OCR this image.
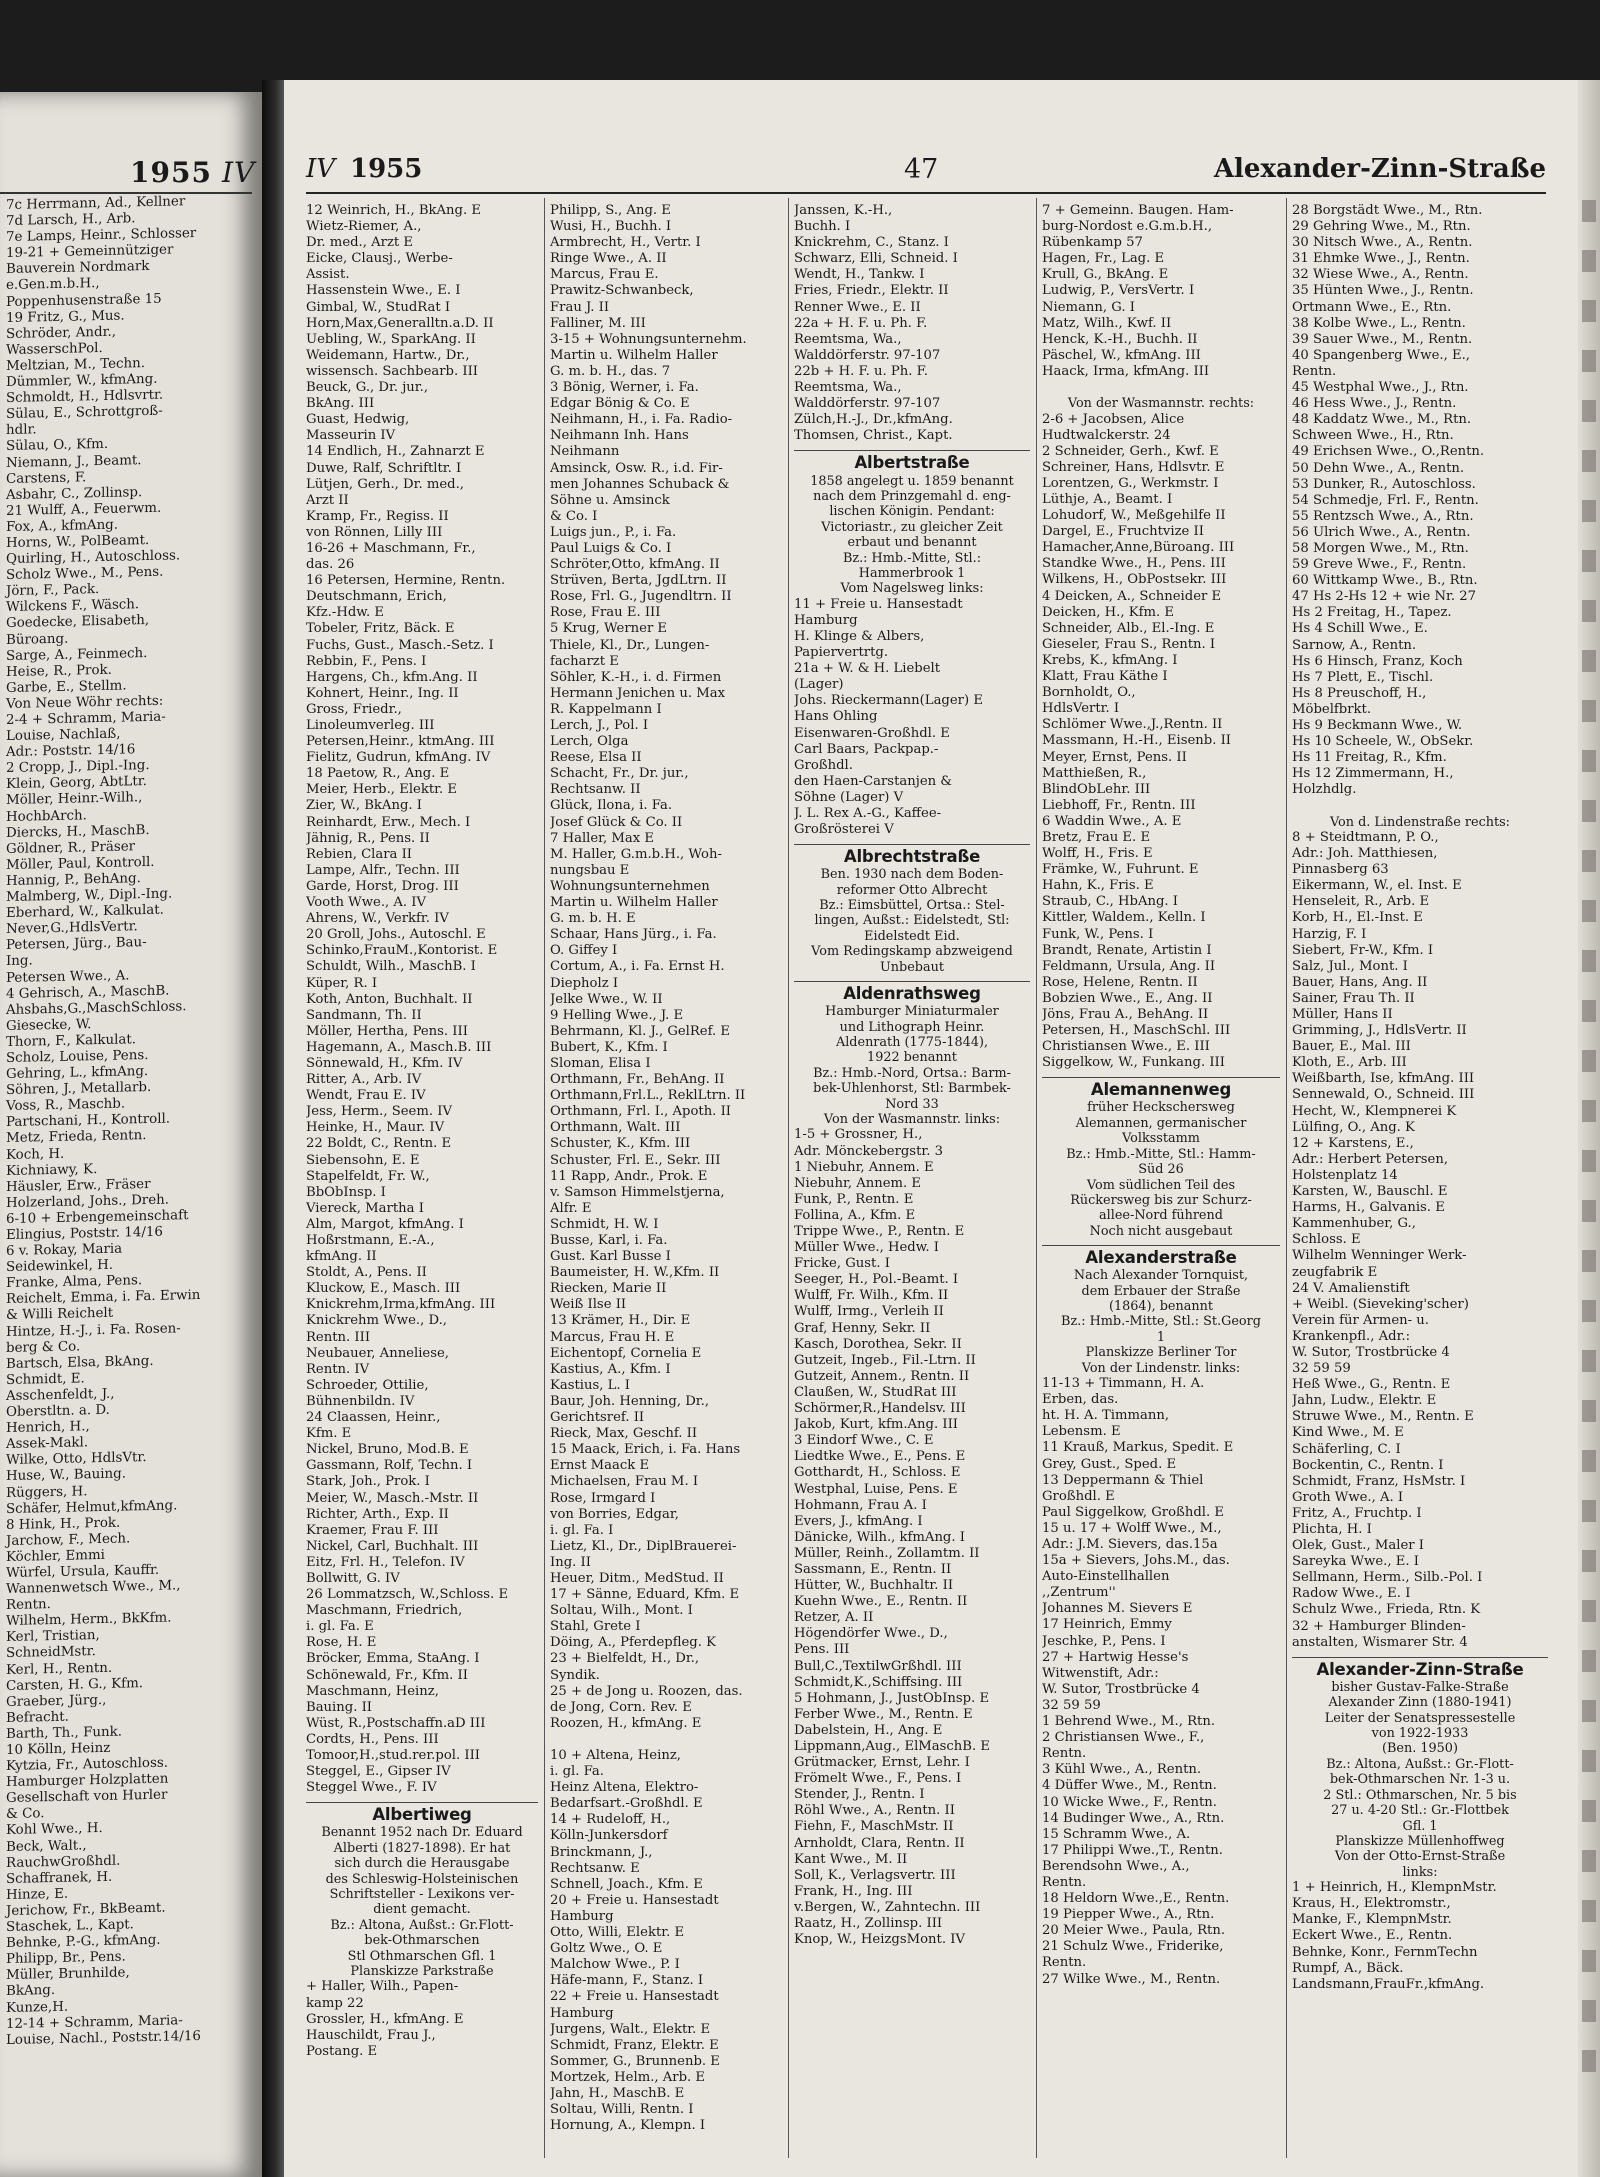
1955 IV
7c Herrmann, Ad., Kellner
7d Larsch, H., Arb.
7e Lamps, Heinr., Schlosser
19-21 + Gemeinnütziger
Bauverein Nordmark
e.Gen.m.b.H.,
Poppenhusenstraße 15
19 Fritz, G., Mus.
Schröder, Andr.,
WasserschPol.
Meltzian, M., Techn.
Dümmler, W., kfmAng.
Schmoldt, H., Hdlsvrtr.
Sülau, E., Schrottgroß-
hdlr.
Sülau, O., Kfm.
Niemann, J., Beamt.
Carstens, F.
Asbahr, C., Zollinsp.
21 Wulff, A., Feuerwm.
Fox, A., kfmAng.
Horns, W., PolBeamt.
Quirling, H., Autoschloss.
Scholz Wwe., M., Pens.
Jörn, F., Pack.
Wilckens F., Wäsch.
Goedecke, Elisabeth,
Büroang.
Sarge, A., Feinmech.
Heise, R., Prok.
Garbe, E., Stellm.
Von Neue Wöhr rechts:
2-4 + Schramm, Maria-
Louise, Nachlaß,
Adr.: Poststr. 14/16
2 Cropp, J., Dipl.-Ing.
Klein, Georg, AbtLtr.
Möller, Heinr.-Wilh.,
HochbArch.
Diercks, H., MaschB.
Göldner, R., Präser
Möller, Paul, Kontroll.
Hannig, P., BehAng.
Malmberg, W., Dipl.-Ing.
Eberhard, W., Kalkulat.
Never,G.,HdlsVertr.
Petersen, Jürg., Bau-
Ing.
Petersen Wwe., A.
4 Gehrisch, A., MaschB.
Ahsbahs,G.,MaschSchloss.
Giesecke, W.
Thorn, F., Kalkulat.
Scholz, Louise, Pens.
Gehring, L., kfmAng.
Söhren, J., Metallarb.
Voss, R., Maschb.
Partschani, H., Kontroll.
Metz, Frieda, Rentn.
Koch, H.
Kichniawy, K.
Häusler, Erw., Fräser
Holzerland, Johs., Dreh.
6-10 + Erbengemeinschaft
Elingius, Poststr. 14/16
6 v. Rokay, Maria
Seidewinkel, H.
Franke, Alma, Pens.
Reichelt, Emma, i. Fa. Erwin
& Willi Reichelt
Hintze, H.-J., i. Fa. Rosen-
berg & Co.
Bartsch, Elsa, BkAng.
Schmidt, E.
Asschenfeldt, J.,
Oberstltn. a. D.
Henrich, H.,
Assek-Makl.
Wilke, Otto, HdlsVtr.
Huse, W., Bauing.
Rüggers, H.
Schäfer, Helmut,kfmAng.
8 Hink, H., Prok.
Jarchow, F., Mech.
Köchler, Emmi
Würfel, Ursula, Kauffr.
Wannenwetsch Wwe., M.,
Rentn.
Wilhelm, Herm., BkKfm.
Kerl, Tristian,
SchneidMstr.
Kerl, H., Rentn.
Carsten, H. G., Kfm.
Graeber, Jürg.,
Befracht.
Barth, Th., Funk.
10 Kölln, Heinz
Kytzia, Fr., Autoschloss.
Hamburger Holzplatten
Gesellschaft von Hurler
& Co.
Kohl Wwe., H.
Beck, Walt.,
RauchwGroßhdl.
Schaffranek, H.
Hinze, E.
Jerichow, Fr., BkBeamt.
Staschek, L., Kapt.
Behnke, P.-G., kfmAng.
Philipp, Br., Pens.
Müller, Brunhilde,
BkAng.
Kunze,H.
12-14 + Schramm, Maria-
Louise, Nachl., Poststr.14/16
IV 1955	47	Alexander-Zinn-Straße
12 Weinrich, H., BkAng. E
Wietz-Riemer, A.,
Dr. med., Arzt E
Eicke, Clausj., Werbe-
Assist.
Hassenstein Wwe., E. I
Gimbal, W., StudRat I
Horn,Max,Generalltn.a.D. II
Uebling, W., SparkAng. II
Weidemann, Hartw., Dr.,
wissensch. Sachbearb. III
Beuck, G., Dr. jur.,
BkAng. III
Guast, Hedwig,
Masseurin IV
14 Endlich, H., Zahnarzt E
Duwe, Ralf, Schriftltr. I
Lütjen, Gerh., Dr. med.,
Arzt II
Kramp, Fr., Regiss. II
von Rönnen, Lilly III
16-26 + Maschmann, Fr.,
das. 26
16 Petersen, Hermine, Rentn.
Deutschmann, Erich,
Kfz.-Hdw. E
Tobeler, Fritz, Bäck. E
Fuchs, Gust., Masch.-Setz. I
Rebbin, F., Pens. I
Hargens, Ch., kfm.Ang. II
Kohnert, Heinr., Ing. II
Gross, Friedr.,
Linoleumverleg. III
Petersen,Heinr., ktmAng. III
Fielitz, Gudrun, kfmAng. IV
18 Paetow, R., Ang. E
Meier, Herb., Elektr. E
Zier, W., BkAng. I
Reinhardt, Erw., Mech. I
Jähnig, R., Pens. II
Rebien, Clara II
Lampe, Alfr., Techn. III
Garde, Horst, Drog. III
Vooth Wwe., A. IV
Ahrens, W., Verkfr. IV
20 Groll, Johs., Autoschl. E
Schinko,FrauM.,Kontorist. E
Schuldt, Wilh., MaschB. I
Küper, R. I
Koth, Anton, Buchhalt. II
Sandmann, Th. II
Möller, Hertha, Pens. III
Hagemann, A., Masch.B. III
Sönnewald, H., Kfm. IV
Ritter, A., Arb. IV
Wendt, Frau E. IV
Jess, Herm., Seem. IV
Heinke, H., Maur. IV
22 Boldt, C., Rentn. E
Siebensohn, E. E
Stapelfeldt, Fr. W.,
BbObInsp. I
Viereck, Martha I
Alm, Margot, kfmAng. I
Hoßrstmann, E.-A.,
kfmAng. II
Stoldt, A., Pens. II
Kluckow, E., Masch. III
Knickrehm,Irma,kfmAng. III
Knickrehm Wwe., D.,
Rentn. III
Neubauer, Anneliese,
Rentn. IV
Schroeder, Ottilie,
Bühnenbildn. IV
24 Claassen, Heinr.,
Kfm. E
Nickel, Bruno, Mod.B. E
Gassmann, Rolf, Techn. I
Stark, Joh., Prok. I
Meier, W., Masch.-Mstr. II
Richter, Arth., Exp. II
Kraemer, Frau F. III
Nickel, Carl, Buchhalt. III
Eitz, Frl. H., Telefon. IV
Bollwitt, G. IV
26 Lommatzsch, W.,Schloss. E
Maschmann, Friedrich,
i. gl. Fa. E
Rose, H. E
Bröcker, Emma, StaAng. I
Schönewald, Fr., Kfm. II
Maschmann, Heinz,
Bauing. II
Wüst, R.,Postschaffn.aD III
Cordts, H., Pens. III
Tomoor,H.,stud.rer.pol. III
Steggel, E., Gipser IV
Steggel Wwe., F. IV
Albertiweg
Benannt 1952 nach Dr. Eduard
Alberti (1827-1898). Er hat
sich durch die Herausgabe
des Schleswig-Holsteinischen
Schriftsteller - Lexikons ver-
dient gemacht.
Bz.: Altona, Außst.: Gr.Flott-
bek-Othmarschen
Stl Othmarschen Gfl. 1
Planskizze Parkstraße
+ Haller, Wilh., Papen-
kamp 22
Grossler, H., kfmAng. E
Hauschildt, Frau J.,
Postang. E
Philipp, S., Ang. E
Wusi, H., Buchh. I
Armbrecht, H., Vertr. I
Ringe Wwe., A. II
Marcus, Frau E.
Prawitz-Schwanbeck,
Frau J. II
Falliner, M. III
3-15 + Wohnungsunternehm.
Martin u. Wilhelm Haller
G. m. b. H., das. 7
3 Bönig, Werner, i. Fa.
Edgar Bönig & Co. E
Neihmann, H., i. Fa. Radio-
Neihmann Inh. Hans
Neihmann
Amsinck, Osw. R., i.d. Fir-
men Johannes Schuback &
Söhne u. Amsinck
& Co. I
Luigs jun., P., i. Fa.
Paul Luigs & Co. I
Schröter,Otto, kfmAng. II
Strüven, Berta, JgdLtrn. II
Rose, Frl. G., Jugendltrn. II
Rose, Frau E. III
5 Krug, Werner E
Thiele, Kl., Dr., Lungen-
facharzt E
Söhler, K.-H., i. d. Firmen
Hermann Jenichen u. Max
R. Kappelmann I
Lerch, J., Pol. I
Lerch, Olga
Reese, Elsa II
Schacht, Fr., Dr. jur.,
Rechtsanw. II
Glück, Ilona, i. Fa.
Josef Glück & Co. II
7 Haller, Max E
M. Haller, G.m.b.H., Woh-
nungsbau E
Wohnungsunternehmen
Martin u. Wilhelm Haller
G. m. b. H. E
Schaar, Hans Jürg., i. Fa.
O. Giffey I
Cortum, A., i. Fa. Ernst H.
Diepholz I
Jelke Wwe., W. II
9 Helling Wwe., J. E
Behrmann, Kl. J., GelRef. E
Bubert, K., Kfm. I
Sloman, Elisa I
Orthmann, Fr., BehAng. II
Orthmann,Frl.L., ReklLtrn. II
Orthmann, Frl. I., Apoth. II
Orthmann, Walt. III
Schuster, K., Kfm. III
Schuster, Frl. E., Sekr. III
11 Rapp, Andr., Prok. E
v. Samson Himmelstjerna,
Alfr. E
Schmidt, H. W. I
Busse, Karl, i. Fa.
Gust. Karl Busse I
Baumeister, H. W.,Kfm. II
Riecken, Marie II
Weiß Ilse II
13 Krämer, H., Dir. E
Marcus, Frau H. E
Eichentopf, Cornelia E
Kastius, A., Kfm. I
Kastius, L. I
Baur, Joh. Henning, Dr.,
Gerichtsref. II
Rieck, Max, Geschf. II
15 Maack, Erich, i. Fa. Hans
Ernst Maack E
Michaelsen, Frau M. I
Rose, Irmgard I
von Borries, Edgar,
i. gl. Fa. I
Lietz, Kl., Dr., DiplBrauerei-
Ing. II
Heuer, Ditm., MedStud. II
17 + Sänne, Eduard, Kfm. E
Soltau, Wilh., Mont. I
Stahl, Grete I
Döing, A., Pferdepfleg. K
23 + Bielfeldt, H., Dr.,
Syndik.
25 + de Jong u. Roozen, das.
de Jong, Corn. Rev. E
Roozen, H., kfmAng. E

10 + Altena, Heinz,
i. gl. Fa.
Heinz Altena, Elektro-
Bedarfsart.-Großhdl. E
14 + Rudeloff, H.,
Kölln-Junkersdorf
Brinckmann, J.,
Rechtsanw. E
Schnell, Joach., Kfm. E
20 + Freie u. Hansestadt
Hamburg
Otto, Willi, Elektr. E
Goltz Wwe., O. E
Malchow Wwe., P. I
Häfe-mann, F., Stanz. I
22 + Freie u. Hansestadt
Hamburg
Jurgens, Walt., Elektr. E
Schmidt, Franz, Elektr. E
Sommer, G., Brunnenb. E
Mortzek, Helm., Arb. E
Jahn, H., MaschB. E
Soltau, Willi, Rentn. I
Hornung, A., Klempn. I
Janssen, K.-H.,
Buchh. I
Knickrehm, C., Stanz. I
Schwarz, Elli, Schneid. I
Wendt, H., Tankw. I
Fries, Friedr., Elektr. II
Renner Wwe., E. II
22a + H. F. u. Ph. F.
Reemtsma, Wa.,
Walddörferstr. 97-107
22b + H. F. u. Ph. F.
Reemtsma, Wa.,
Walddörferstr. 97-107
Zülch,H.-J., Dr.,kfmAng.
Thomsen, Christ., Kapt.
Albertstraße
1858 angelegt u. 1859 benannt
nach dem Prinzgemahl d. eng-
lischen Königin. Pendant:
Victoriastr., zu gleicher Zeit
erbaut und benannt
Bz.: Hmb.-Mitte, Stl.:
Hammerbrook 1
Vom Nagelsweg links:
11 + Freie u. Hansestadt
Hamburg
H. Klinge & Albers,
Papiervertrtg.
21a + W. & H. Liebelt
(Lager)
Johs. Rieckermann(Lager) E
Hans Ohling
Eisenwaren-Großhdl. E
Carl Baars, Packpap.-
Großhdl.
den Haen-Carstanjen &
Söhne (Lager) V
J. L. Rex A.-G., Kaffee-
Großrösterei V
Albrechtstraße
Ben. 1930 nach dem Boden-
reformer Otto Albrecht
Bz.: Eimsbüttel, Ortsa.: Stel-
lingen, Außst.: Eidelstedt, Stl:
Eidelstedt Eid.
Vom Redingskamp abzweigend
Unbebaut
Aldenrathsweg
Hamburger Miniaturmaler
und Lithograph Heinr.
Aldenrath (1775-1844),
1922 benannt
Bz.: Hmb.-Nord, Ortsa.: Barm-
bek-Uhlenhorst, Stl: Barmbek-
Nord 33
Von der Wasmannstr. links:
1-5 + Grossner, H.,
Adr. Mönckebergstr. 3
1 Niebuhr, Annem. E
Niebuhr, Annem. E
Funk, P., Rentn. E
Follina, A., Kfm. E
Trippe Wwe., P., Rentn. E
Müller Wwe., Hedw. I
Fricke, Gust. I
Seeger, H., Pol.-Beamt. I
Wulff, Fr. Wilh., Kfm. II
Wulff, Irmg., Verleih II
Graf, Henny, Sekr. II
Kasch, Dorothea, Sekr. II
Gutzeit, Ingeb., Fil.-Ltrn. II
Gutzeit, Annem., Rentn. II
Claußen, W., StudRat III
Schörmer,R.,Handelsv. III
Jakob, Kurt, kfm.Ang. III
3 Eindorf Wwe., C. E
Liedtke Wwe., E., Pens. E
Gotthardt, H., Schloss. E
Westphal, Luise, Pens. E
Hohmann, Frau A. I
Evers, J., kfmAng. I
Dänicke, Wilh., kfmAng. I
Müller, Reinh., Zollamtm. II
Sassmann, E., Rentn. II
Hütter, W., Buchhaltr. II
Kuehn Wwe., E., Rentn. II
Retzer, A. II
Högendörfer Wwe., D.,
Pens. III
Bull,C.,TextilwGrßhdl. III
Schmidt,K.,Schiffsing. III
5 Hohmann, J., JustObInsp. E
Ferber Wwe., M., Rentn. E
Dabelstein, H., Ang. E
Lippmann,Aug., ElMaschB. E
Grütmacker, Ernst, Lehr. I
Frömelt Wwe., F., Pens. I
Stender, J., Rentn. I
Röhl Wwe., A., Rentn. II
Fiehn, F., MaschMstr. II
Arnholdt, Clara, Rentn. II
Kant Wwe., M. II
Soll, K., Verlagsvertr. III
Frank, H., Ing. III
v.Bergen, W., Zahntechn. III
Raatz, H., Zollinsp. III
Knop, W., HeizgsMont. IV
7 + Gemeinn. Baugen. Ham-
burg-Nordost e.G.m.b.H.,
Rübenkamp 57
Hagen, Fr., Lag. E
Krull, G., BkAng. E
Ludwig, P., VersVertr. I
Niemann, G. I
Matz, Wilh., Kwf. II
Henck, K.-H., Buchh. II
Päschel, W., kfmAng. III
Haack, Irma, kfmAng. III

Von der Wasmannstr. rechts:
2-6 + Jacobsen, Alice
Hudtwalckerstr. 24
2 Schneider, Gerh., Kwf. E
Schreiner, Hans, Hdlsvtr. E
Lorentzen, G., Werkmstr. I
Lüthje, A., Beamt. I
Lohudorf, W., Meßgehilfe II
Dargel, E., Fruchtvize II
Hamacher,Anne,Büroang. III
Standke Wwe., H., Pens. III
Wilkens, H., ObPostsekr. III
4 Deicken, A., Schneider E
Deicken, H., Kfm. E
Schneider, Alb., El.-Ing. E
Gieseler, Frau S., Rentn. I
Krebs, K., kfmAng. I
Klatt, Frau Käthe I
Bornholdt, O.,
HdlsVertr. I
Schlömer Wwe.,J.,Rentn. II
Massmann, H.-H., Eisenb. II
Meyer, Ernst, Pens. II
Matthießen, R.,
BlindObLehr. III
Liebhoff, Fr., Rentn. III
6 Waddin Wwe., A. E
Bretz, Frau E. E
Wolff, H., Fris. E
Främke, W., Fuhrunt. E
Hahn, K., Fris. E
Straub, C., HbAng. I
Kittler, Waldem., Kelln. I
Funk, W., Pens. I
Brandt, Renate, Artistin I
Feldmann, Ursula, Ang. II
Rose, Helene, Rentn. II
Bobzien Wwe., E., Ang. II
Jöns, Frau A., BehAng. II
Petersen, H., MaschSchl. III
Christiansen Wwe., E. III
Siggelkow, W., Funkang. III
Alemannenweg
früher Heckschersweg
Alemannen, germanischer
Volksstamm
Bz.: Hmb.-Mitte, Stl.: Hamm-
Süd 26
Vom südlichen Teil des
Rückersweg bis zur Schurz-
allee-Nord führend
Noch nicht ausgebaut
Alexanderstraße
Nach Alexander Tornquist,
dem Erbauer der Straße
(1864), benannt
Bz.: Hmb.-Mitte, Stl.: St.Georg
1
Planskizze Berliner Tor
Von der Lindenstr. links:
11-13 + Timmann, H. A.
Erben, das.
ht. H. A. Timmann,
Lebensm. E
11 Krauß, Markus, Spedit. E
Grey, Gust., Sped. E
13 Deppermann & Thiel
Großhdl. E
Paul Siggelkow, Großhdl. E
15 u. 17 + Wolff Wwe., M.,
Adr.: J.M. Sievers, das.15a
15a + Sievers, Johs.M., das.
Auto-Einstellhallen
,,Zentrum''
Johannes M. Sievers E
17 Heinrich, Emmy
Jeschke, P., Pens. I
27 + Hartwig Hesse's
Witwenstift, Adr.:
W. Sutor, Trostbrücke 4
32 59 59
1 Behrend Wwe., M., Rtn.
2 Christiansen Wwe., F.,
Rentn.
3 Kühl Wwe., A., Rentn.
4 Düffer Wwe., M., Rentn.
10 Wicke Wwe., F., Rentn.
14 Budinger Wwe., A., Rtn.
15 Schramm Wwe., A.
17 Philippi Wwe.,T., Rentn.
Berendsohn Wwe., A.,
Rentn.
18 Heldorn Wwe.,E., Rentn.
19 Piepper Wwe., A., Rtn.
20 Meier Wwe., Paula, Rtn.
21 Schulz Wwe., Friderike,
Rentn.
27 Wilke Wwe., M., Rentn.
28 Borgstädt Wwe., M., Rtn.
29 Gehring Wwe., M., Rtn.
30 Nitsch Wwe., A., Rentn.
31 Ehmke Wwe., J., Rentn.
32 Wiese Wwe., A., Rentn.
35 Hünten Wwe., J., Rentn.
Ortmann Wwe., E., Rtn.
38 Kolbe Wwe., L., Rentn.
39 Sauer Wwe., M., Rentn.
40 Spangenberg Wwe., E.,
Rentn.
45 Westphal Wwe., J., Rtn.
46 Hess Wwe., J., Rentn.
48 Kaddatz Wwe., M., Rtn.
Schween Wwe., H., Rtn.
49 Erichsen Wwe., O.,Rentn.
50 Dehn Wwe., A., Rentn.
53 Dunker, R., Autoschloss.
54 Schmedje, Frl. F., Rentn.
55 Rentzsch Wwe., A., Rtn.
56 Ulrich Wwe., A., Rentn.
58 Morgen Wwe., M., Rtn.
59 Greve Wwe., F., Rentn.
60 Wittkamp Wwe., B., Rtn.
47 Hs 2-Hs 12 + wie Nr. 27
Hs 2 Freitag, H., Tapez.
Hs 4 Schill Wwe., E.
Sarnow, A., Rentn.
Hs 6 Hinsch, Franz, Koch
Hs 7 Plett, E., Tischl.
Hs 8 Preuschoff, H.,
Möbelfbrkt.
Hs 9 Beckmann Wwe., W.
Hs 10 Scheele, W., ObSekr.
Hs 11 Freitag, R., Kfm.
Hs 12 Zimmermann, H.,
Holzhdlg.

Von d. Lindenstraße rechts:
8 + Steidtmann, P. O.,
Adr.: Joh. Matthiesen,
Pinnasberg 63
Eikermann, W., el. Inst. E
Henseleit, R., Arb. E
Korb, H., El.-Inst. E
Harzig, F. I
Siebert, Fr-W., Kfm. I
Salz, Jul., Mont. I
Bauer, Hans, Ang. II
Sainer, Frau Th. II
Müller, Hans II
Grimming, J., HdlsVertr. II
Bauer, E., Mal. III
Kloth, E., Arb. III
Weißbarth, Ise, kfmAng. III
Sennewald, O., Schneid. III
Hecht, W., Klempnerei K
Lülfing, O., Ang. K
12 + Karstens, E.,
Adr.: Herbert Petersen,
Holstenplatz 14
Karsten, W., Bauschl. E
Harms, H., Galvanis. E
Kammenhuber, G.,
Schloss. E
Wilhelm Wenninger Werk-
zeugfabrik E
24 V. Amalienstift
+ Weibl. (Sieveking'scher)
Verein für Armen- u.
Krankenpfl., Adr.:
W. Sutor, Trostbrücke 4
32 59 59
Heß Wwe., G., Rentn. E
Jahn, Ludw., Elektr. E
Struwe Wwe., M., Rentn. E
Kind Wwe., M. E
Schäferling, C. I
Bockentin, C., Rentn. I
Schmidt, Franz, HsMstr. I
Groth Wwe., A. I
Fritz, A., Fruchtp. I
Plichta, H. I
Olek, Gust., Maler I
Sareyka Wwe., E. I
Sellmann, Herm., Silb.-Pol. I
Radow Wwe., E. I
Schulz Wwe., Frieda, Rtn. K
32 + Hamburger Blinden-
anstalten, Wismarer Str. 4
Alexander-Zinn-Straße
bisher Gustav-Falke-Straße
Alexander Zinn (1880-1941)
Leiter der Senatspressestelle
von 1922-1933
(Ben. 1950)
Bz.: Altona, Außst.: Gr.-Flott-
bek-Othmarschen Nr. 1-3 u.
2 Stl.: Othmarschen, Nr. 5 bis
27 u. 4-20 Stl.: Gr.-Flottbek
Gfl. 1
Planskizze Müllenhoffweg
Von der Otto-Ernst-Straße
links:
1 + Heinrich, H., KlempnMstr.
Kraus, H., Elektromstr.,
Manke, F., KlempnMstr.
Eckert Wwe., E., Rentn.
Behnke, Konr., FernmTechn
Rumpf, A., Bäck.
Landsmann,FrauFr.,kfmAng.
